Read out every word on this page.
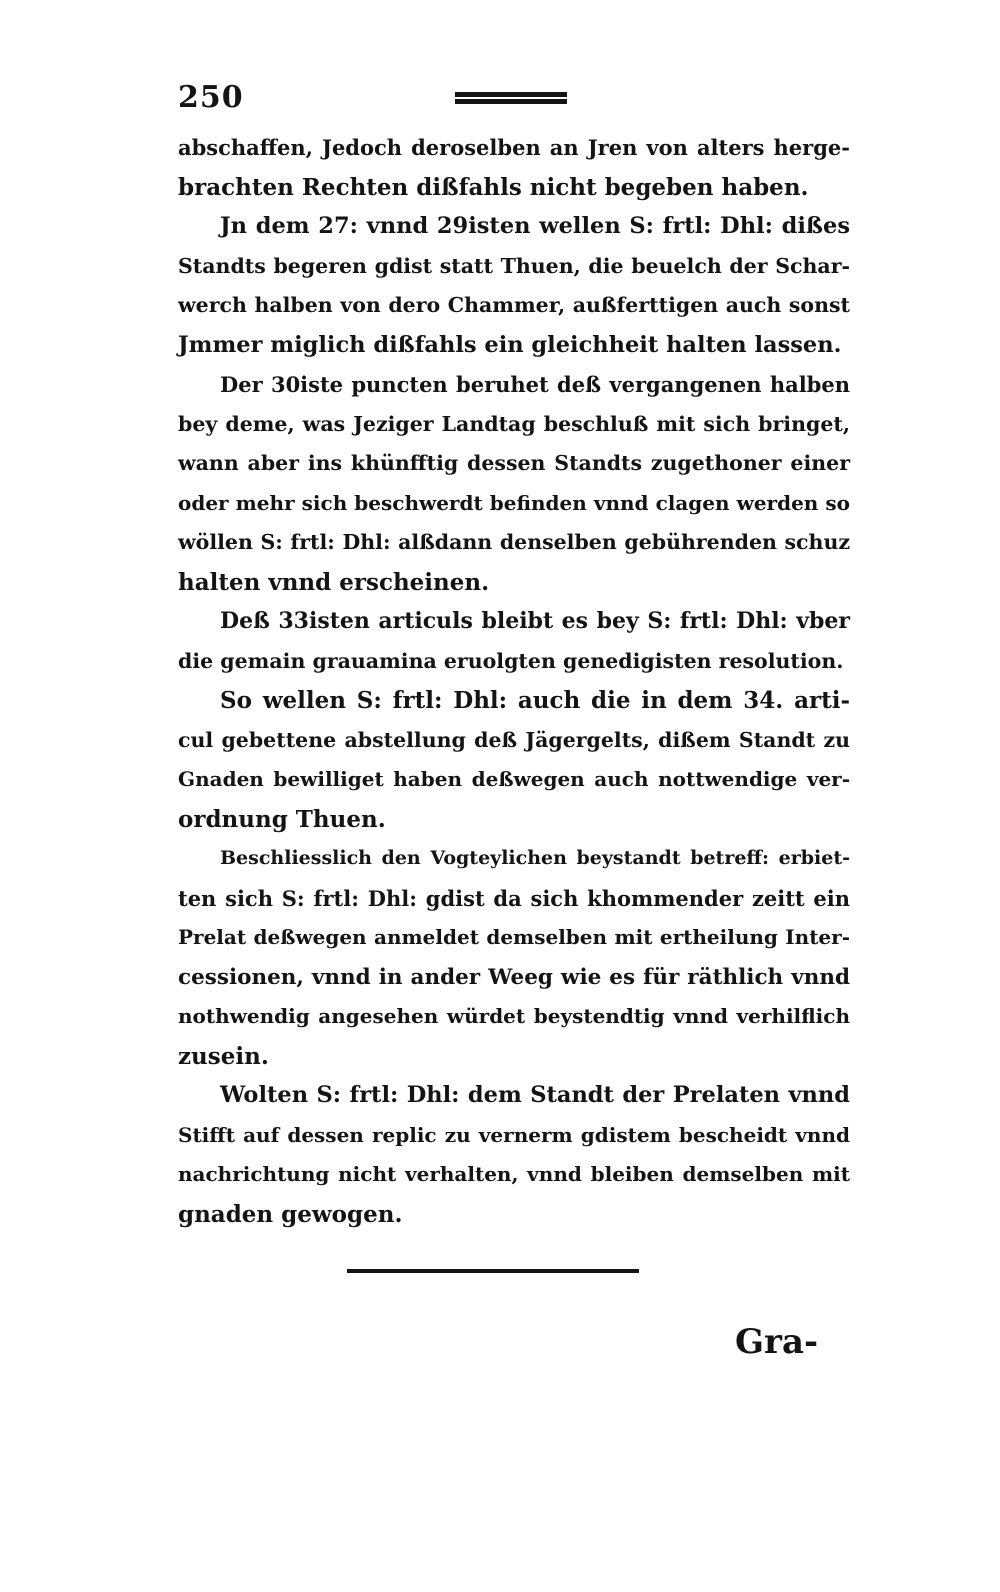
250
abschaffen, Jedoch deroselben an Jren von alters herge-
brachten Rechten dißfahls nicht begeben haben.
Jn dem 27: vnnd 29isten wellen S: frtl: Dhl: dißes
Standts begeren gdist statt Thuen, die beuelch der Schar-
werch halben von dero Chammer, außferttigen auch sonst
Jmmer miglich dißfahls ein gleichheit halten lassen.
Der 30iste puncten beruhet deß vergangenen halben
bey deme, was Jeziger Landtag beschluß mit sich bringet,
wann aber ins khünfftig dessen Standts zugethoner einer
oder mehr sich beschwerdt befinden vnnd clagen werden so
wöllen S: frtl: Dhl: alßdann denselben gebührenden schuz
halten vnnd erscheinen.
Deß 33isten articuls bleibt es bey S: frtl: Dhl: vber
die gemain grauamina eruolgten genedigisten resolution.
So wellen S: frtl: Dhl: auch die in dem 34. arti-
cul gebettene abstellung deß Jägergelts, dißem Standt zu
Gnaden bewilliget haben deßwegen auch nottwendige ver-
ordnung Thuen.
Beschliesslich den Vogteylichen beystandt betreff: erbiet-
ten sich S: frtl: Dhl: gdist da sich khommender zeitt ein
Prelat deßwegen anmeldet demselben mit ertheilung Inter-
cessionen, vnnd in ander Weeg wie es für räthlich vnnd
nothwendig angesehen würdet beystendtig vnnd verhilflich
zusein.
Wolten S: frtl: Dhl: dem Standt der Prelaten vnnd
Stifft auf dessen replic zu vernerm gdistem bescheidt vnnd
nachrichtung nicht verhalten, vnnd bleiben demselben mit
gnaden gewogen.
Gra-
